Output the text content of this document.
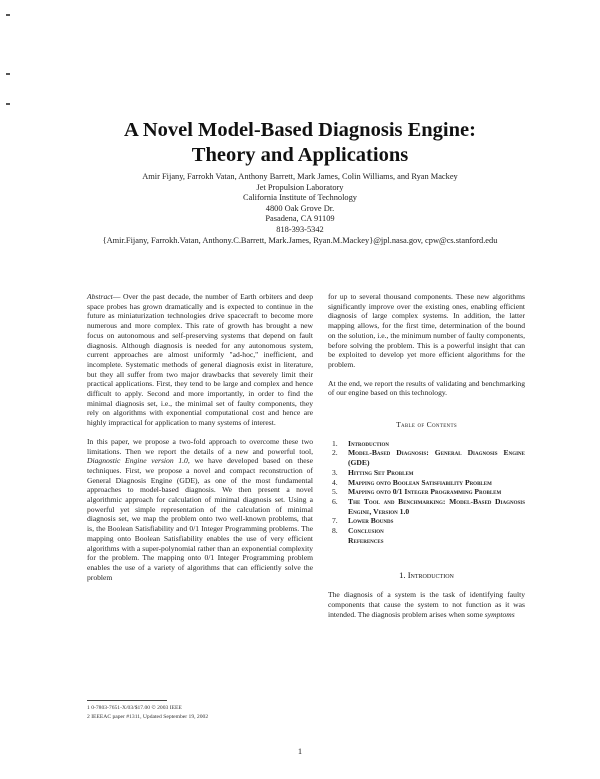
A Novel Model-Based Diagnosis Engine:
Theory and Applications
Amir Fijany, Farrokh Vatan, Anthony Barrett, Mark James, Colin Williams, and Ryan Mackey
Jet Propulsion Laboratory
California Institute of Technology
4800 Oak Grove Dr.
Pasadena, CA 91109
818-393-5342
{Amir.Fijany, Farrokh.Vatan, Anthony.C.Barrett, Mark.James, Ryan.M.Mackey}@jpl.nasa.gov, cpw@cs.stanford.edu

Abstract— Over the past decade, the number of Earth orbiters and deep space probes has grown dramatically and is expected to continue in the future as miniaturization technologies drive spacecraft to become more numerous and more complex. This rate of growth has brought a new focus on autonomous and self-preserving systems that depend on fault diagnosis. Although diagnosis is needed for any autonomous system, current approaches are almost uniformly "ad-hoc," inefficient, and incomplete. Systematic methods of general diagnosis exist in literature, but they all suffer from two major drawbacks that severely limit their practical applications. First, they tend to be large and complex and hence difficult to apply. Second and more importantly, in order to find the minimal diagnosis set, i.e., the minimal set of faulty components, they rely on algorithms with exponential computational cost and hence are highly impractical for application to many systems of interest.

In this paper, we propose a two-fold approach to overcome these two limitations. Then we report the details of a new and powerful tool, Diagnostic Engine version 1.0, we have developed based on these techniques. First, we propose a novel and compact reconstruction of General Diagnosis Engine (GDE), as one of the most fundamental approaches to model-based diagnosis. We then present a novel algorithmic approach for calculation of minimal diagnosis set. Using a powerful yet simple representation of the calculation of minimal diagnosis set, we map the problem onto two well-known problems, that is, the Boolean Satisfiability and 0/1 Integer Programming problems. The mapping onto Boolean Satisfiability enables the use of very efficient algorithms with a super-polynomial rather than an exponential complexity for the problem. The mapping onto 0/1 Integer Programming problem enables the use of a variety of algorithms that can efficiently solve the problem

for up to several thousand components. These new algorithms significantly improve over the existing ones, enabling efficient diagnosis of large complex systems. In addition, the latter mapping allows, for the first time, determination of the bound on the solution, i.e., the minimum number of faulty components, before solving the problem. This is a powerful insight that can be exploited to develop yet more efficient algorithms for the problem.

At the end, we report the results of validating and benchmarking of our engine based on this technology.

Table of Contents
1. Introduction
2. Model-Based Diagnosis: General Diagnosis Engine (GDE)
3. Hitting Set Problem
4. Mapping onto Boolean Satisfiability Problem
5. Mapping onto 0/1 Integer Programming Problem
6. The Tool and Benchmarking: Model-Based Diagnosis Engine, Version 1.0
7. Lower Bounds
8. Conclusion
References
1. Introduction

The diagnosis of a system is the task of identifying faulty components that cause the system to not function as it was intended. The diagnosis problem arises when some symptoms

1 0-7803-7651-X/03/$17.00 © 2003 IEEE
2 IEEEAC paper #1311, Updated September 19, 2002
1
